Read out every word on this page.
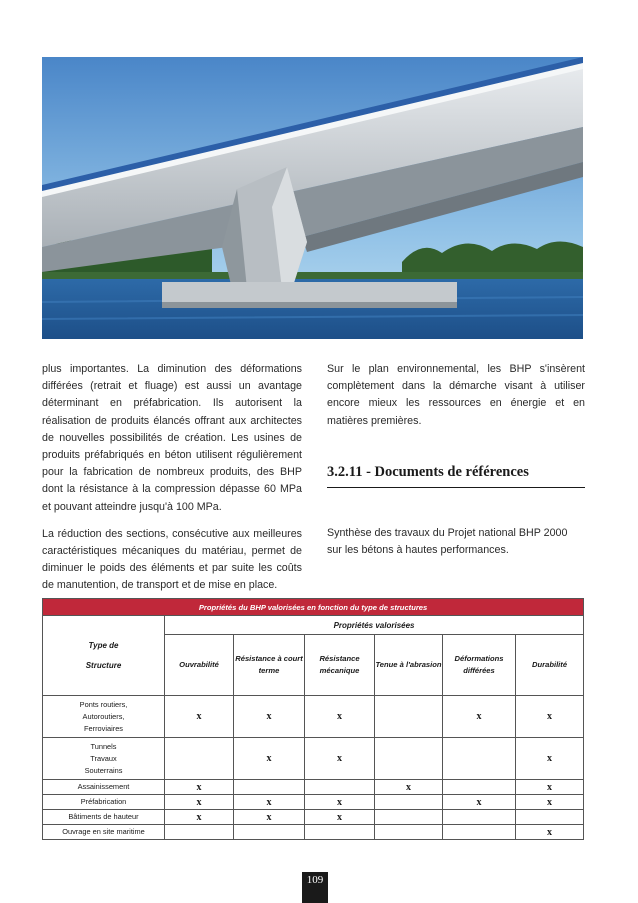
plus importantes. La diminution des déformations différées (retrait et fluage) est aussi un avantage déterminant en préfabrication. Ils autorisent la réalisation de produits élancés offrant aux architectes de nouvelles possibilités de création. Les usines de produits préfabriqués en béton utilisent régulièrement pour la fabrication de nombreux produits, des BHP dont la résistance à la compression dépasse 60 MPa et pouvant atteindre jusqu'à 100 MPa.

La réduction des sections, consécutive aux meilleures caractéristiques mécaniques du matériau, permet de diminuer le poids des éléments et par suite les coûts de manutention, de transport et de mise en place.

Sur le plan environnemental, les BHP s'insèrent complètement dans la démarche visant à utiliser encore mieux les ressources en énergie et en matières premières.

3.2.11 - Documents de références
Synthèse des travaux du Projet national BHP 2000 sur les bétons à hautes performances.
Propriétés du BHP valorisées en fonction du type de structures						

Type de
Structure	Propriétés valorisées					
	Ouvrabilité	Résistance à court terme	Résistance mécanique	Tenue à l'abrasion	Déformations différées	Durabilité

Ponts routiers,
Autoroutiers,
Ferroviaires	x	x	x		x	x

Tunnels
Travaux
Souterrains		x	x			x

Assainissement	x			x		x

Préfabrication	x	x	x		x	x

Bâtiments de hauteur	x	x	x			

Ouvrage en site maritime						x
109
